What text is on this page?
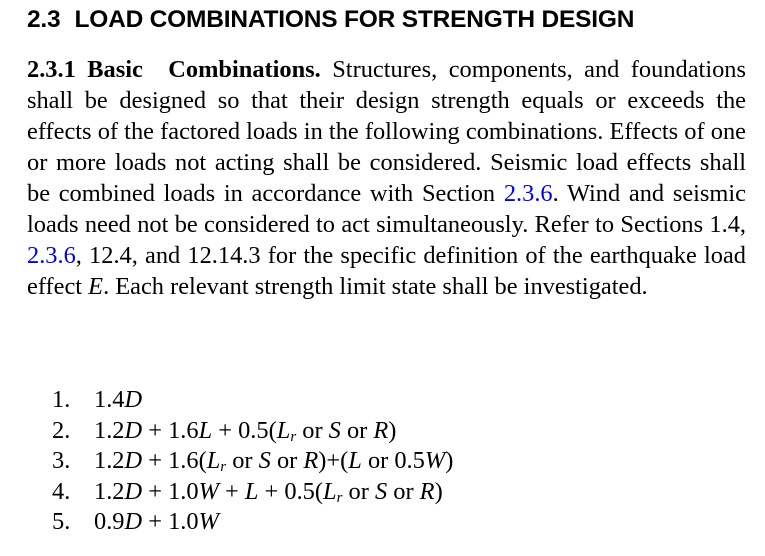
2.3 LOAD COMBINATIONS FOR STRENGTH DESIGN
2.3.1 Basic Combinations. Structures, components, and foundations shall be designed so that their design strength equals or exceeds the effects of the factored loads in the following combinations. Effects of one or more loads not acting shall be considered. Seismic load effects shall be combined loads in accordance with Section 2.3.6. Wind and seismic loads need not be considered to act simultaneously. Refer to Sections 1.4, 2.3.6, 12.4, and 12.14.3 for the specific definition of the earthquake load effect E. Each relevant strength limit state shall be investigated.
1. 1.4D
2. $1.2D + 1.6L + 0.5(L_r$ or S or R)
3. $1.2D + 1.6(L_r$ or S or R)+(L or 0.5W)
4. $1.2D + 1.0W + L + 0.5(L_r$ or S or R)
5. 0.9D + 1.0W
